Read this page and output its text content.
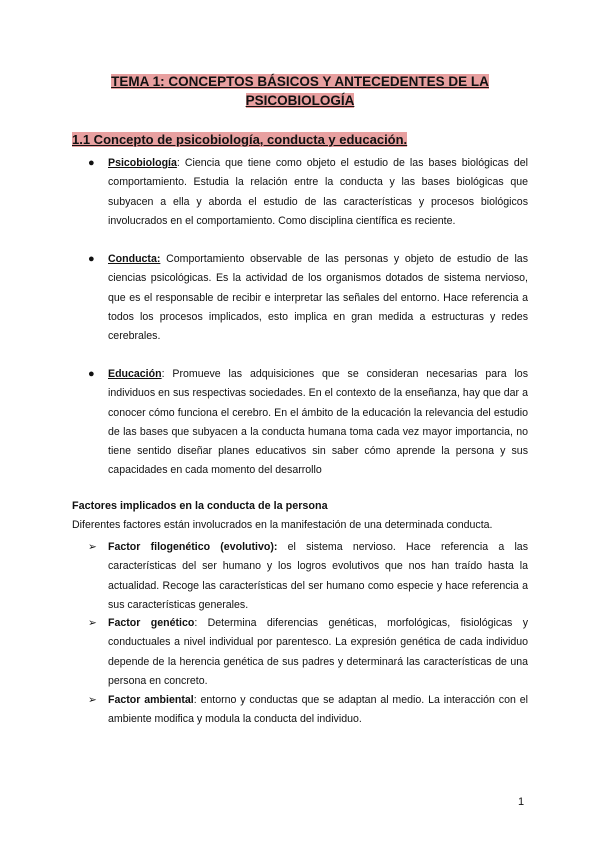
TEMA 1: CONCEPTOS BÁSICOS Y ANTECEDENTES DE LA
PSICOBIOLOGÍA
1.1 Concepto de psicobiología, conducta y educación.
● Psicobiología: Ciencia que tiene como objeto el estudio de las bases biológicas del comportamiento. Estudia la relación entre la conducta y las bases biológicas que subyacen a ella y aborda el estudio de las características y procesos biológicos involucrados en el comportamiento. Como disciplina científica es reciente.
● Conducta: Comportamiento observable de las personas y objeto de estudio de las ciencias psicológicas. Es la actividad de los organismos dotados de sistema nervioso, que es el responsable de recibir e interpretar las señales del entorno. Hace referencia a todos los procesos implicados, esto implica en gran medida a estructuras y redes cerebrales.
● Educación: Promueve las adquisiciones que se consideran necesarias para los individuos en sus respectivas sociedades. En el contexto de la enseñanza, hay que dar a conocer cómo funciona el cerebro. En el ámbito de la educación la relevancia del estudio de las bases que subyacen a la conducta humana toma cada vez mayor importancia, no tiene sentido diseñar planes educativos sin saber cómo aprende la persona y sus capacidades en cada momento del desarrollo
Factores implicados en la conducta de la persona
Diferentes factores están involucrados en la manifestación de una determinada conducta.
➢ Factor filogenético (evolutivo): el sistema nervioso. Hace referencia a las características del ser humano y los logros evolutivos que nos han traído hasta la actualidad. Recoge las características del ser humano como especie y hace referencia a sus características generales.
➢ Factor genético: Determina diferencias genéticas, morfológicas, fisiológicas y conductuales a nivel individual por parentesco. La expresión genética de cada individuo depende de la herencia genética de sus padres y determinará las características de una persona en concreto.
➢ Factor ambiental: entorno y conductas que se adaptan al medio. La interacción con el ambiente modifica y modula la conducta del individuo.
1
